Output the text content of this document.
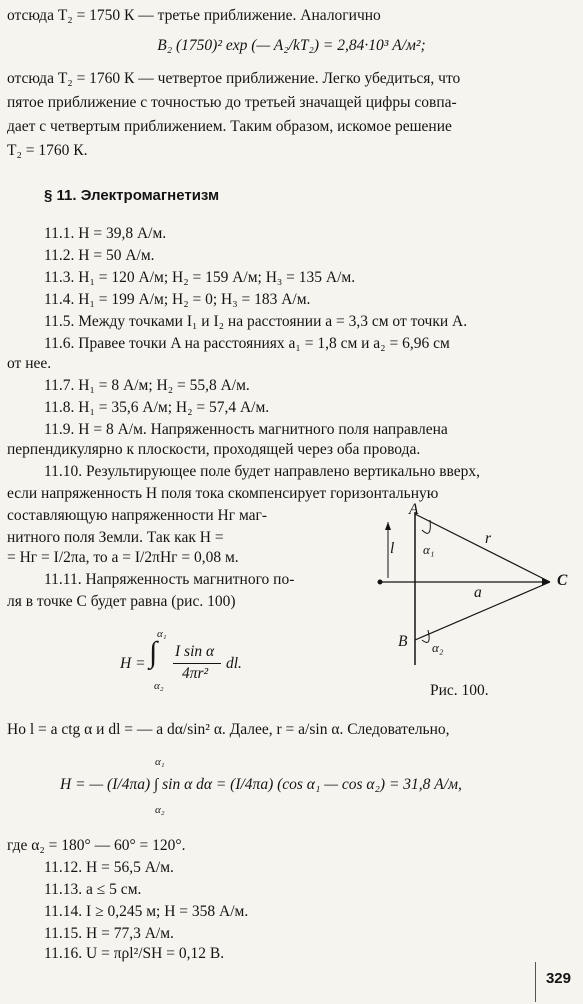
отсюда T₂ = 1750 К — третье приближение. Аналогично
B₂ (1750)² exp (— A₂/kT₂) = 2,84·10³ А/м²;
отсюда T₂ = 1760 К — четвертое приближение. Легко убедиться, что
пятое приближение с точностью до третьей значащей цифры совпа-
дает с четвертым приближением. Таким образом, искомое решение
T₂ = 1760 К.
§ 11. Электромагнетизм
11.1. H = 39,8 А/м.
11.2. H = 50 А/м.
11.3. H₁ = 120 А/м; H₂ = 159 А/м; H₃ = 135 А/м.
11.4. H₁ = 199 А/м; H₂ = 0; H₃ = 183 А/м.
11.5. Между точками I₁ и I₂ на расстоянии a = 3,3 см от точки A.
11.6. Правее точки A на расстояниях a₁ = 1,8 см и a₂ = 6,96 см
от нее.
11.7. H₁ = 8 А/м; H₂ = 55,8 А/м.
11.8. H₁ = 35,6 А/м; H₂ = 57,4 А/м.
11.9. H = 8 А/м. Напряженность магнитного поля направлена
перпендикулярно к плоскости, проходящей через оба провода.
11.10. Результирующее поле будет направлено вертикально вверх,
если напряженность H поля тока скомпенсирует горизонтальную
составляющую напряженности Hг маг-
нитного поля Земли. Так как H =
= Hг = I/2πa, то a = I/2πHг = 0,08 м.
11.11. Напряженность магнитного по-
ля в точке C будет равна (рис. 100)
H = ∫
α₁
α₂
I sin α
4πr²
dl.
A
l α₁
r
a
C
B α₂
Рис. 100.
Но l = a ctg α и dl = — a dα/sin² α. Далее, r = a/sin α. Следовательно,
H = — (I/4πa) ∫ sin α dα = (I/4πa) (cos α₁ — cos α₂) = 31,8 А/м,
α₁
α₂
где α₂ = 180° — 60° = 120°.
11.12. H = 56,5 А/м.
11.13. a ≤ 5 см.
11.14. I ≥ 0,245 м; H = 358 А/м.
11.15. H = 77,3 А/м.
11.16. U = πρl²/SH = 0,12 В.
329
